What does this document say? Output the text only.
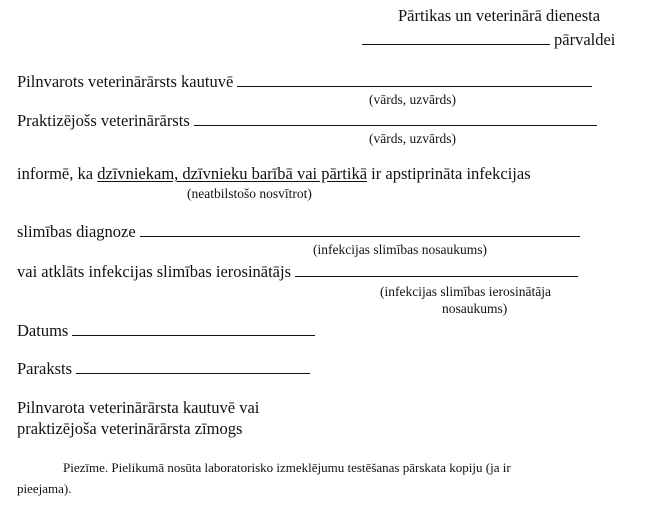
Pārtikas un veterinārā dienesta
pārvaldei
Pilnvarots veterinārārsts kautuvē
(vārds, uzvārds)
Praktizējošs veterinārārsts
(vārds, uzvārds)
informē, ka dzīvniekam, dzīvnieku barībā vai pārtikā ir apstiprināta infekcijas
(neatbilstošo nosvītrot)
slimības diagnoze
(infekcijas slimības nosaukums)
vai atklāts infekcijas slimības ierosinātājs
(infekcijas slimības ierosinātāja
nosaukums)
Datums
Paraksts
Pilnvarota veterinārārsta kautuvē vai
praktizējoša veterinārārsta zīmogs
Piezīme. Pielikumā nosūta laboratorisko izmeklējumu testēšanas pārskata kopiju (ja ir
pieejama).
